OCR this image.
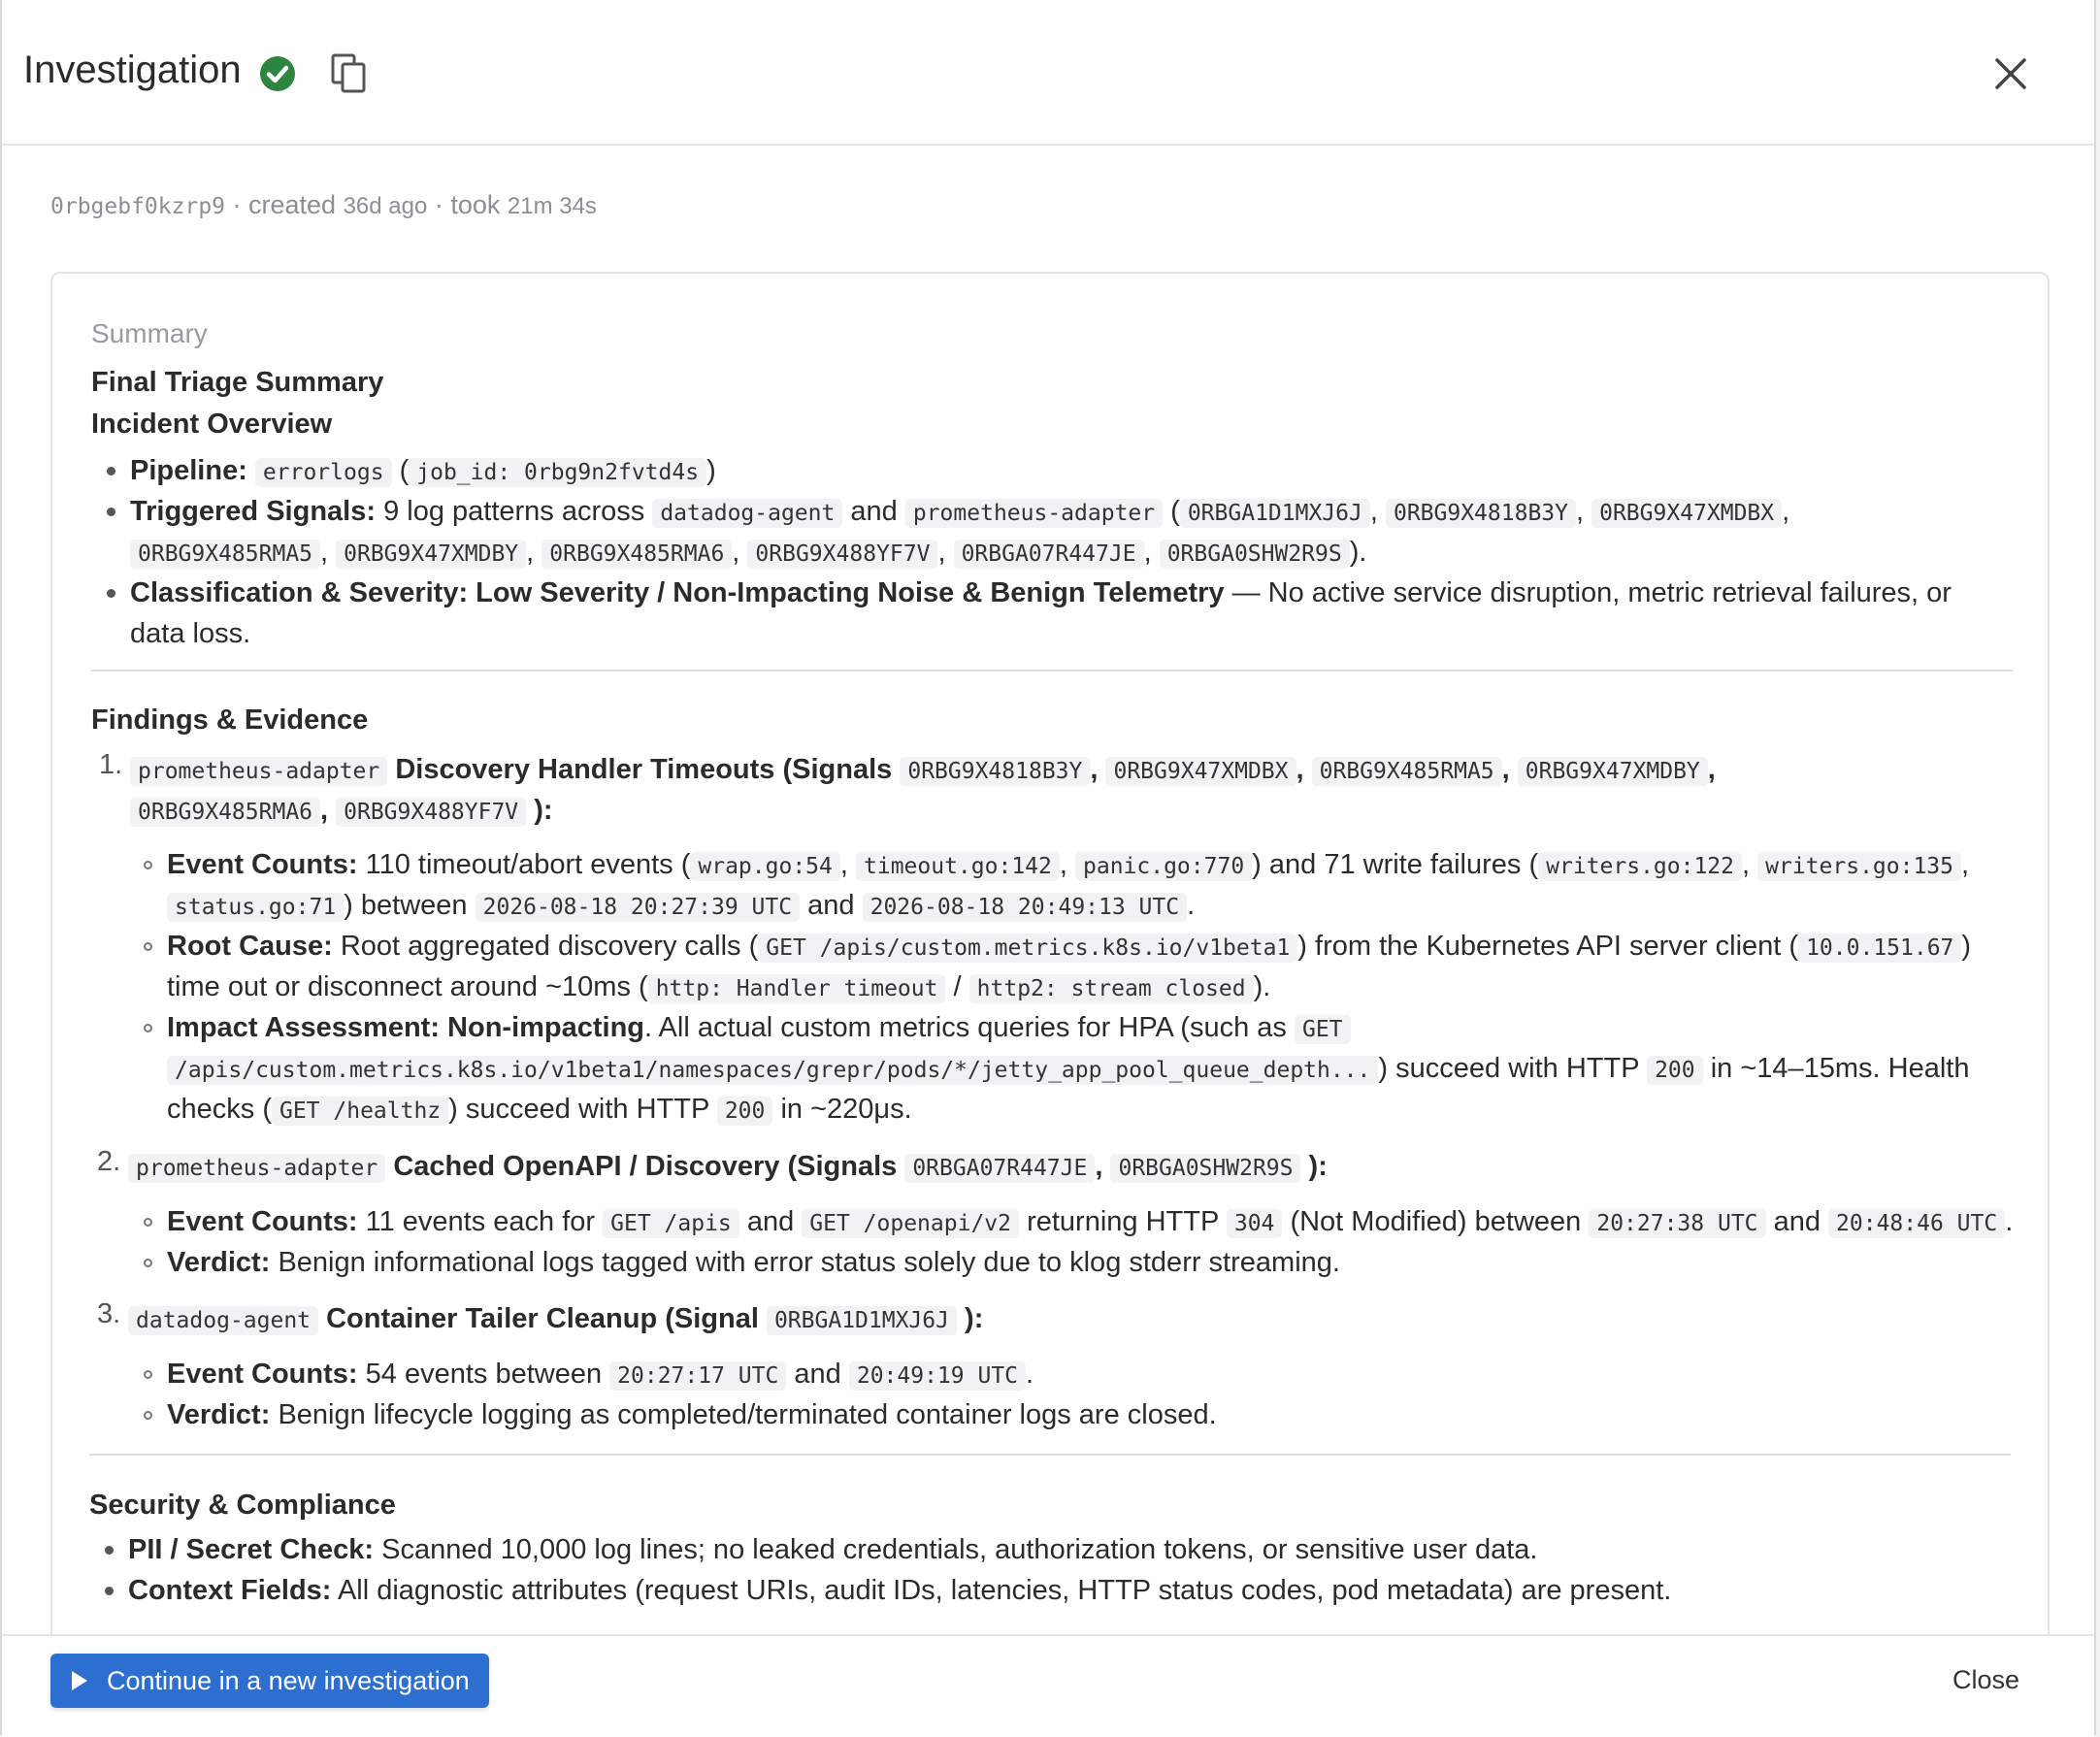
Investigation
0rbgebf0kzrp9 · created 36d ago · took 21m 34s
Summary
Final Triage Summary
Incident Overview
Pipeline: errorlogs ( job_id: 0rbg9n2fvtd4s )
Triggered Signals: 9 log patterns across datadog-agent and prometheus-adapter ( 0RBGA1D1MXJ6J , 0RBG9X4818B3Y , 0RBG9X47XMDBX ,
0RBG9X485RMA5 , 0RBG9X47XMDBY , 0RBG9X485RMA6 , 0RBG9X488YF7V , 0RBGA07R447JE , 0RBGA0SHW2R9S ).
Classification & Severity: Low Severity / Non-Impacting Noise & Benign Telemetry — No active service disruption, metric retrieval failures, or
data loss.
Findings & Evidence
1. prometheus-adapter Discovery Handler Timeouts (Signals 0RBG9X4818B3Y , 0RBG9X47XMDBX , 0RBG9X485RMA5 , 0RBG9X47XMDBY ,
0RBG9X485RMA6 , 0RBG9X488YF7V ):
Event Counts: 110 timeout/abort events ( wrap.go:54 , timeout.go:142 , panic.go:770 ) and 71 write failures ( writers.go:122 , writers.go:135 ,
status.go:71 ) between 2026-08-18 20:27:39 UTC and 2026-08-18 20:49:13 UTC .
Root Cause: Root aggregated discovery calls ( GET /apis/custom.metrics.k8s.io/v1beta1 ) from the Kubernetes API server client ( 10.0.151.67 )
time out or disconnect around ~10ms ( http: Handler timeout / http2: stream closed ).
Impact Assessment: Non-impacting. All actual custom metrics queries for HPA (such as GET
/apis/custom.metrics.k8s.io/v1beta1/namespaces/grepr/pods/*/jetty_app_pool_queue_depth... ) succeed with HTTP 200 in ~14–15ms. Health
checks ( GET /healthz ) succeed with HTTP 200 in ~220μs.
2. prometheus-adapter Cached OpenAPI / Discovery (Signals 0RBGA07R447JE , 0RBGA0SHW2R9S ):
Event Counts: 11 events each for GET /apis and GET /openapi/v2 returning HTTP 304 (Not Modified) between 20:27:38 UTC and 20:48:46 UTC .
Verdict: Benign informational logs tagged with error status solely due to klog stderr streaming.
3. datadog-agent Container Tailer Cleanup (Signal 0RBGA1D1MXJ6J ):
Event Counts: 54 events between 20:27:17 UTC and 20:49:19 UTC .
Verdict: Benign lifecycle logging as completed/terminated container logs are closed.
Security & Compliance
PII / Secret Check: Scanned 10,000 log lines; no leaked credentials, authorization tokens, or sensitive user data.
Context Fields: All diagnostic attributes (request URIs, audit IDs, latencies, HTTP status codes, pod metadata) are present.
Continue in a new investigation	Close
